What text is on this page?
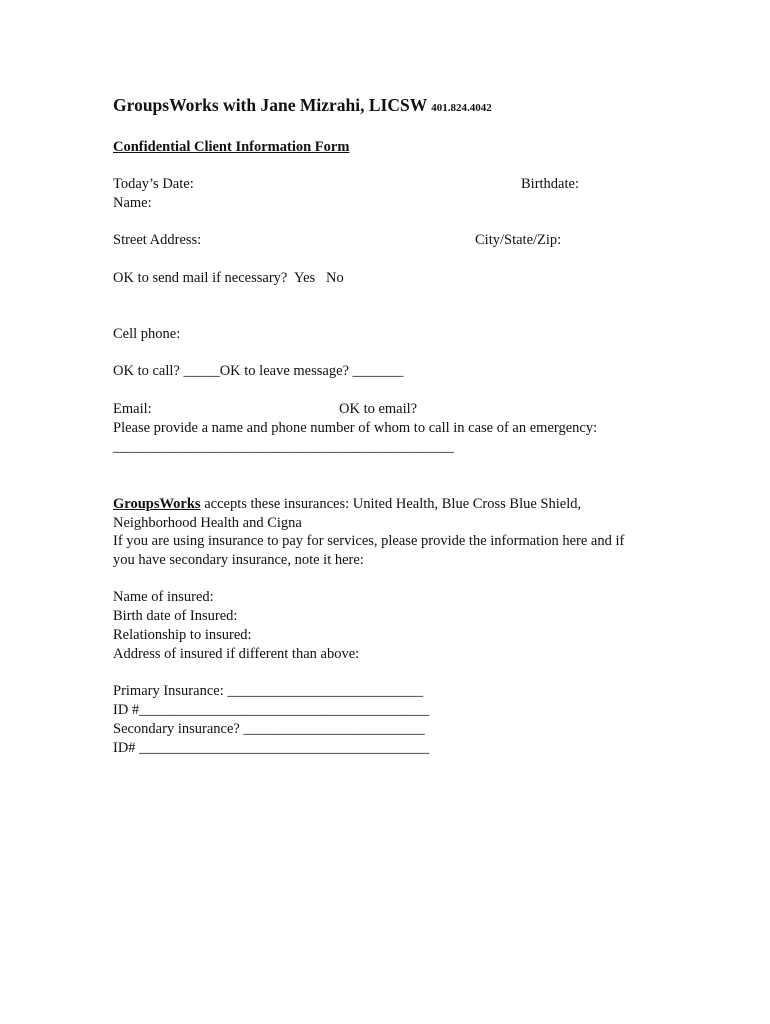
GroupsWorks with Jane Mizrahi, LICSW 401.824.4042
Confidential Client Information Form
Today’s Date:	Birthdate:
Name:
Street Address:	City/State/Zip:
OK to send mail if necessary?  Yes   No
Cell phone:
OK to call? _____OK to leave message? _______
Email:	OK to email?
Please provide a name and phone number of whom to call in case of an emergency:
_______________________________________________
GroupsWorks accepts these insurances: United Health, Blue Cross Blue Shield,
Neighborhood Health and Cigna
If you are using insurance to pay for services, please provide the information here and if
you have secondary insurance, note it here:
Name of insured:
Birth date of Insured:
Relationship to insured:
Address of insured if different than above:
Primary Insurance: ___________________________
ID #________________________________________
Secondary insurance? _________________________
ID# ________________________________________
